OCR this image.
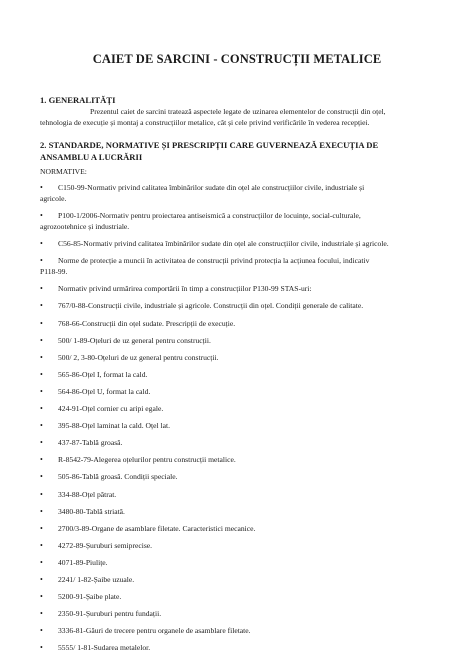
CAIET DE SARCINI - CONSTRUCȚII METALICE
1. GENERALITĂȚI
Prezentul caiet de sarcini tratează aspectele legate de uzinarea elementelor de construcții din oțel,
tehnologia de execuție și montaj a construcțiilor metalice, cât și cele privind verificările în vederea recepției.
2. STANDARDE, NORMATIVE ȘI PRESCRIPȚII CARE GUVERNEAZĂ EXECUȚIA DE
ANSAMBLU A LUCRĂRII
NORMATIVE:
• C150-99-Normativ privind calitatea îmbinărilor sudate din oțel ale construcțiilor civile, industriale și
agricole.
• P100-1/2006-Normativ pentru proiectarea antiseismică a construcțiilor de locuințe, social-culturale,
agrozootehnice și industriale.
• C56-85-Normativ privind calitatea îmbinărilor sudate din oțel ale construcțiilor civile, industriale și agricole.
• Norme de protecție a muncii în activitatea de construcții privind protecția la acțiunea focului, indicativ
P118-99.
• Normativ privind urmărirea comportării în timp a construcțiilor P130-99 STAS-uri:
• 767/0-88-Construcții civile, industriale și agricole. Construcții din oțel. Condiții generale de calitate.
• 768-66-Construcții din oțel sudate. Prescripții de execuție.
• 500/ 1-89-Oțeluri de uz general pentru construcții.
• 500/ 2, 3-80-Oțeluri de uz general pentru construcții.
• 565-86-Oțel I, format la cald.
• 564-86-Oțel U, format la cald.
• 424-91-Oțel cornier cu aripi egale.
• 395-88-Oțel laminat la cald. Oțel lat.
• 437-87-Tablă groasă.
• R-8542-79-Alegerea oțelurilor pentru construcții metalice.
• 505-86-Tablă groasă. Condiții speciale.
• 334-88-Oțel pătrat.
• 3480-80-Tablă striată.
• 2700/3-89-Organe de asamblare filetate. Caracteristici mecanice.
• 4272-89-Șuruburi semiprecise.
• 4071-89-Piulițe.
• 2241/ 1-82-Șaibe uzuale.
• 5200-91-Șaibe plate.
• 2350-91-Șuruburi pentru fundații.
• 3336-81-Găuri de trecere pentru organele de asamblare filetate.
• 5555/ 1-81-Sudarea metalelor.
